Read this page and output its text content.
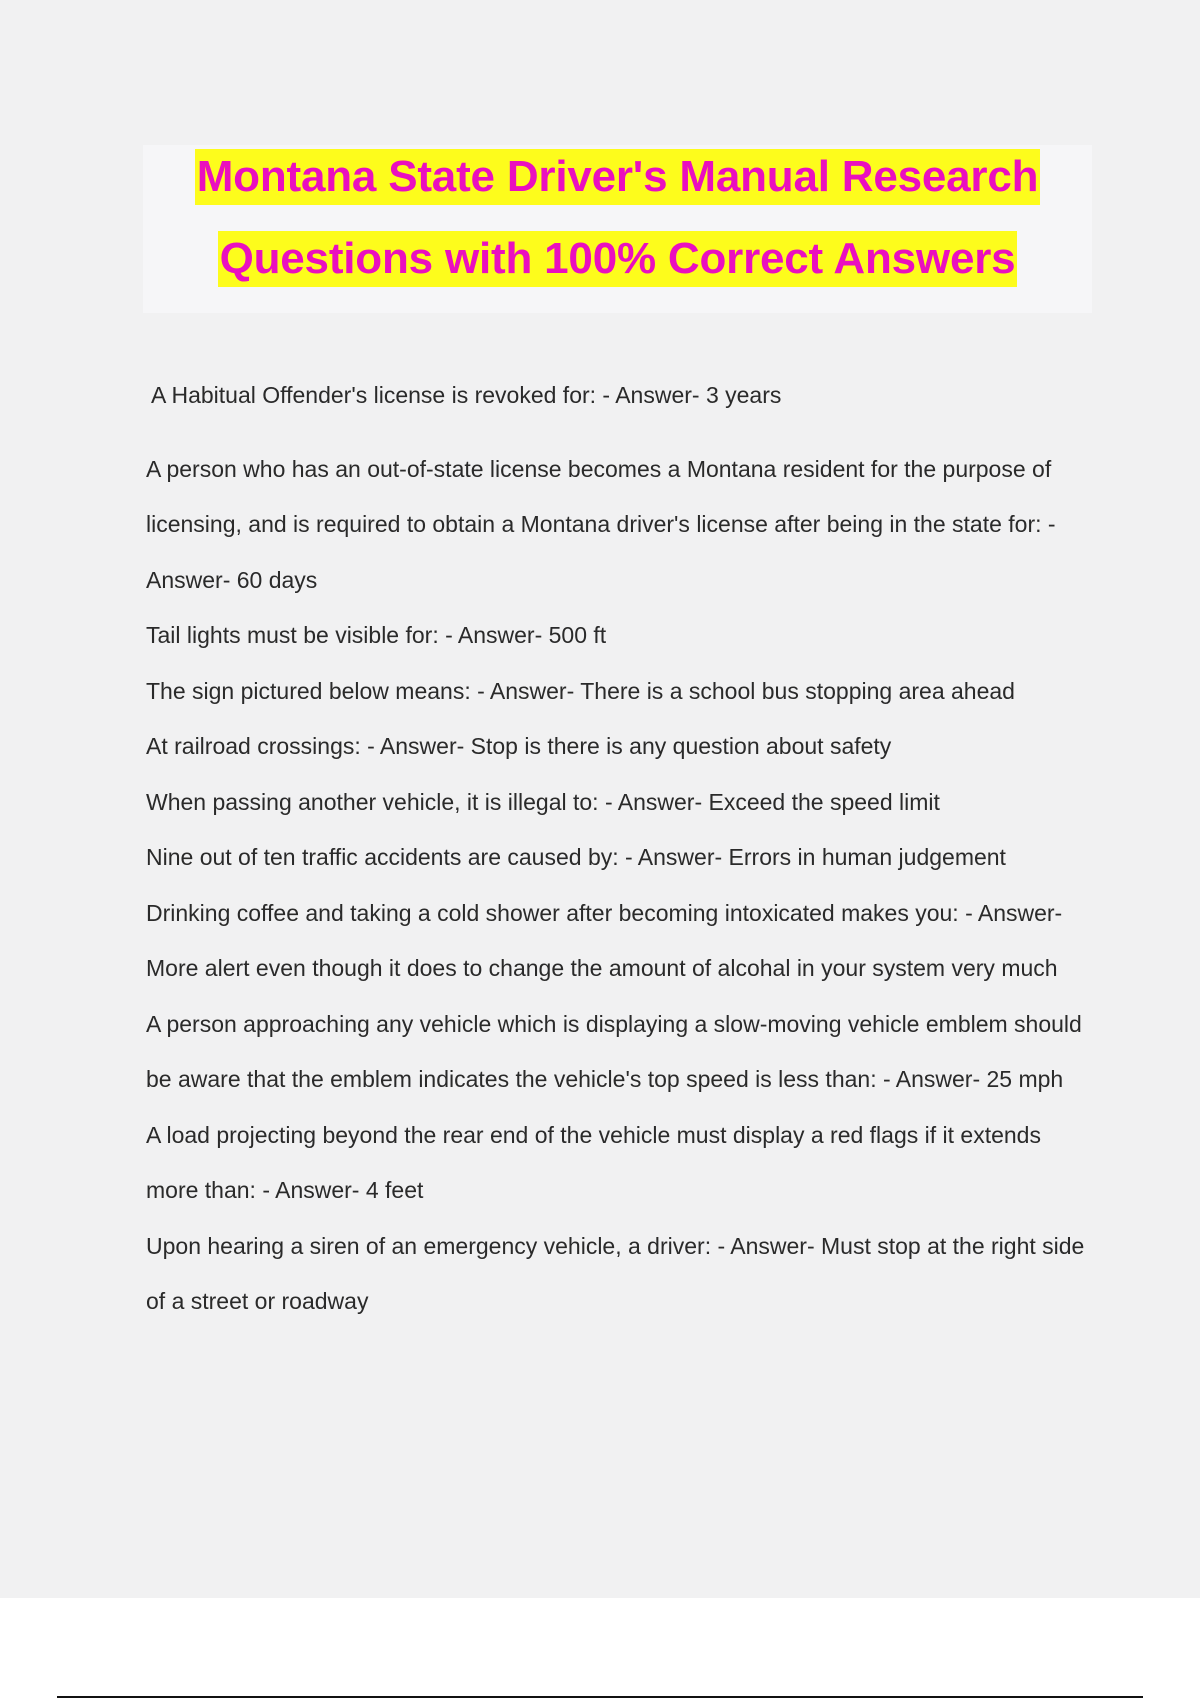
Montana State Driver's Manual Research
Questions with 100% Correct Answers
A Habitual Offender's license is revoked for: - Answer- 3 years
A person who has an out-of-state license becomes a Montana resident for the purpose of licensing, and is required to obtain a Montana driver's license after being in the state for: - Answer- 60 days
Tail lights must be visible for: - Answer- 500 ft
The sign pictured below means: - Answer- There is a school bus stopping area ahead
At railroad crossings: - Answer- Stop is there is any question about safety
When passing another vehicle, it is illegal to: - Answer- Exceed the speed limit
Nine out of ten traffic accidents are caused by: - Answer- Errors in human judgement
Drinking coffee and taking a cold shower after becoming intoxicated makes you: - Answer- More alert even though it does to change the amount of alcohal in your system very much
A person approaching any vehicle which is displaying a slow-moving vehicle emblem should be aware that the emblem indicates the vehicle's top speed is less than: - Answer- 25 mph
A load projecting beyond the rear end of the vehicle must display a red flags if it extends more than: - Answer- 4 feet
Upon hearing a siren of an emergency vehicle, a driver: - Answer- Must stop at the right side of a street or roadway
